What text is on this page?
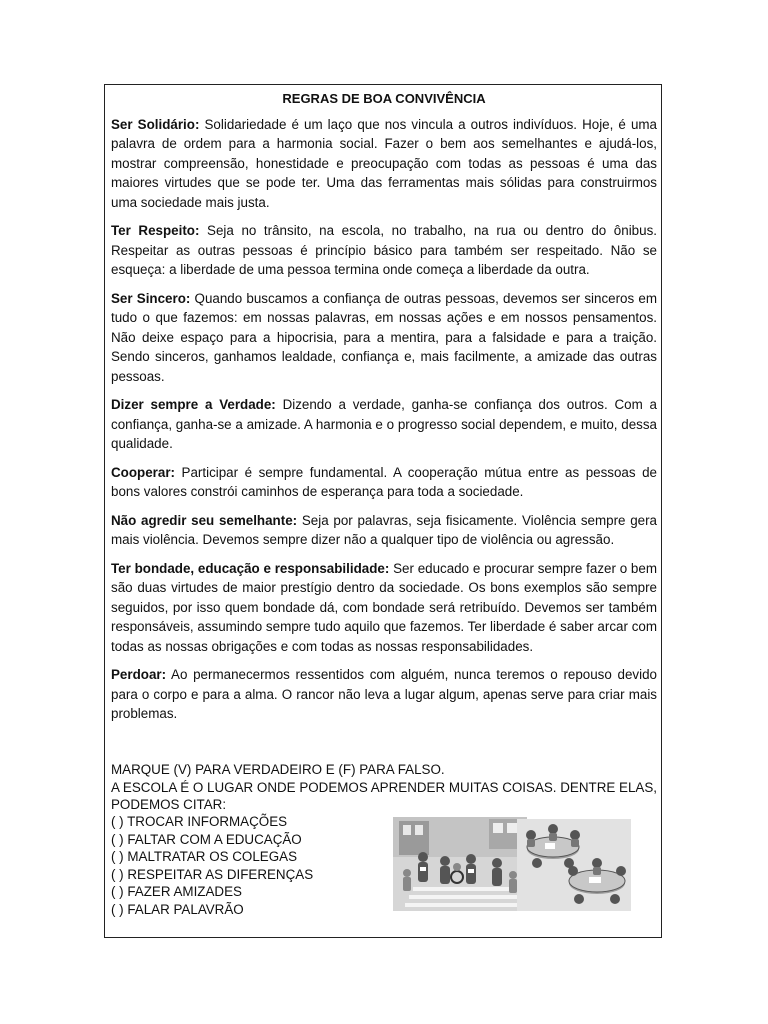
REGRAS DE BOA CONVIVÊNCIA

Ser Solidário: Solidariedade é um laço que nos vincula a outros indivíduos. Hoje, é uma palavra de ordem para a harmonia social. Fazer o bem aos semelhantes e ajudá-los, mostrar compreensão, honestidade e preocupação com todas as pessoas é uma das maiores virtudes que se pode ter. Uma das ferramentas mais sólidas para construirmos uma sociedade mais justa.

Ter Respeito: Seja no trânsito, na escola, no trabalho, na rua ou dentro do ônibus. Respeitar as outras pessoas é princípio básico para também ser respeitado. Não se esqueça: a liberdade de uma pessoa termina onde começa a liberdade da outra.

Ser Sincero: Quando buscamos a confiança de outras pessoas, devemos ser sinceros em tudo o que fazemos: em nossas palavras, em nossas ações e em nossos pensamentos. Não deixe espaço para a hipocrisia, para a mentira, para a falsidade e para a traição. Sendo sinceros, ganhamos lealdade, confiança e, mais facilmente, a amizade das outras pessoas.

Dizer sempre a Verdade: Dizendo a verdade, ganha-se confiança dos outros. Com a confiança, ganha-se a amizade. A harmonia e o progresso social dependem, e muito, dessa qualidade.

Cooperar: Participar é sempre fundamental. A cooperação mútua entre as pessoas de bons valores constrói caminhos de esperança para toda a sociedade.

Não agredir seu semelhante: Seja por palavras, seja fisicamente. Violência sempre gera mais violência. Devemos sempre dizer não a qualquer tipo de violência ou agressão.

Ter bondade, educação e responsabilidade: Ser educado e procurar sempre fazer o bem são duas virtudes de maior prestígio dentro da sociedade. Os bons exemplos são sempre seguidos, por isso quem bondade dá, com bondade será retribuído. Devemos ser também responsáveis, assumindo sempre tudo aquilo que fazemos. Ter liberdade é saber arcar com todas as nossas obrigações e com todas as nossas responsabilidades.

Perdoar: Ao permanecermos ressentidos com alguém, nunca teremos o repouso devido para o corpo e para a alma. O rancor não leva a lugar algum, apenas serve para criar mais problemas.

MARQUE (V) PARA VERDADEIRO E (F) PARA FALSO.

A ESCOLA É O LUGAR ONDE PODEMOS APRENDER MUITAS COISAS. DENTRE ELAS,

PODEMOS CITAR:

( ) TROCAR INFORMAÇÕES

( ) FALTAR COM A EDUCAÇÃO

( ) MALTRATAR OS COLEGAS

( ) RESPEITAR AS DIFERENÇAS

( ) FAZER AMIZADES

( ) FALAR PALAVRÃO
